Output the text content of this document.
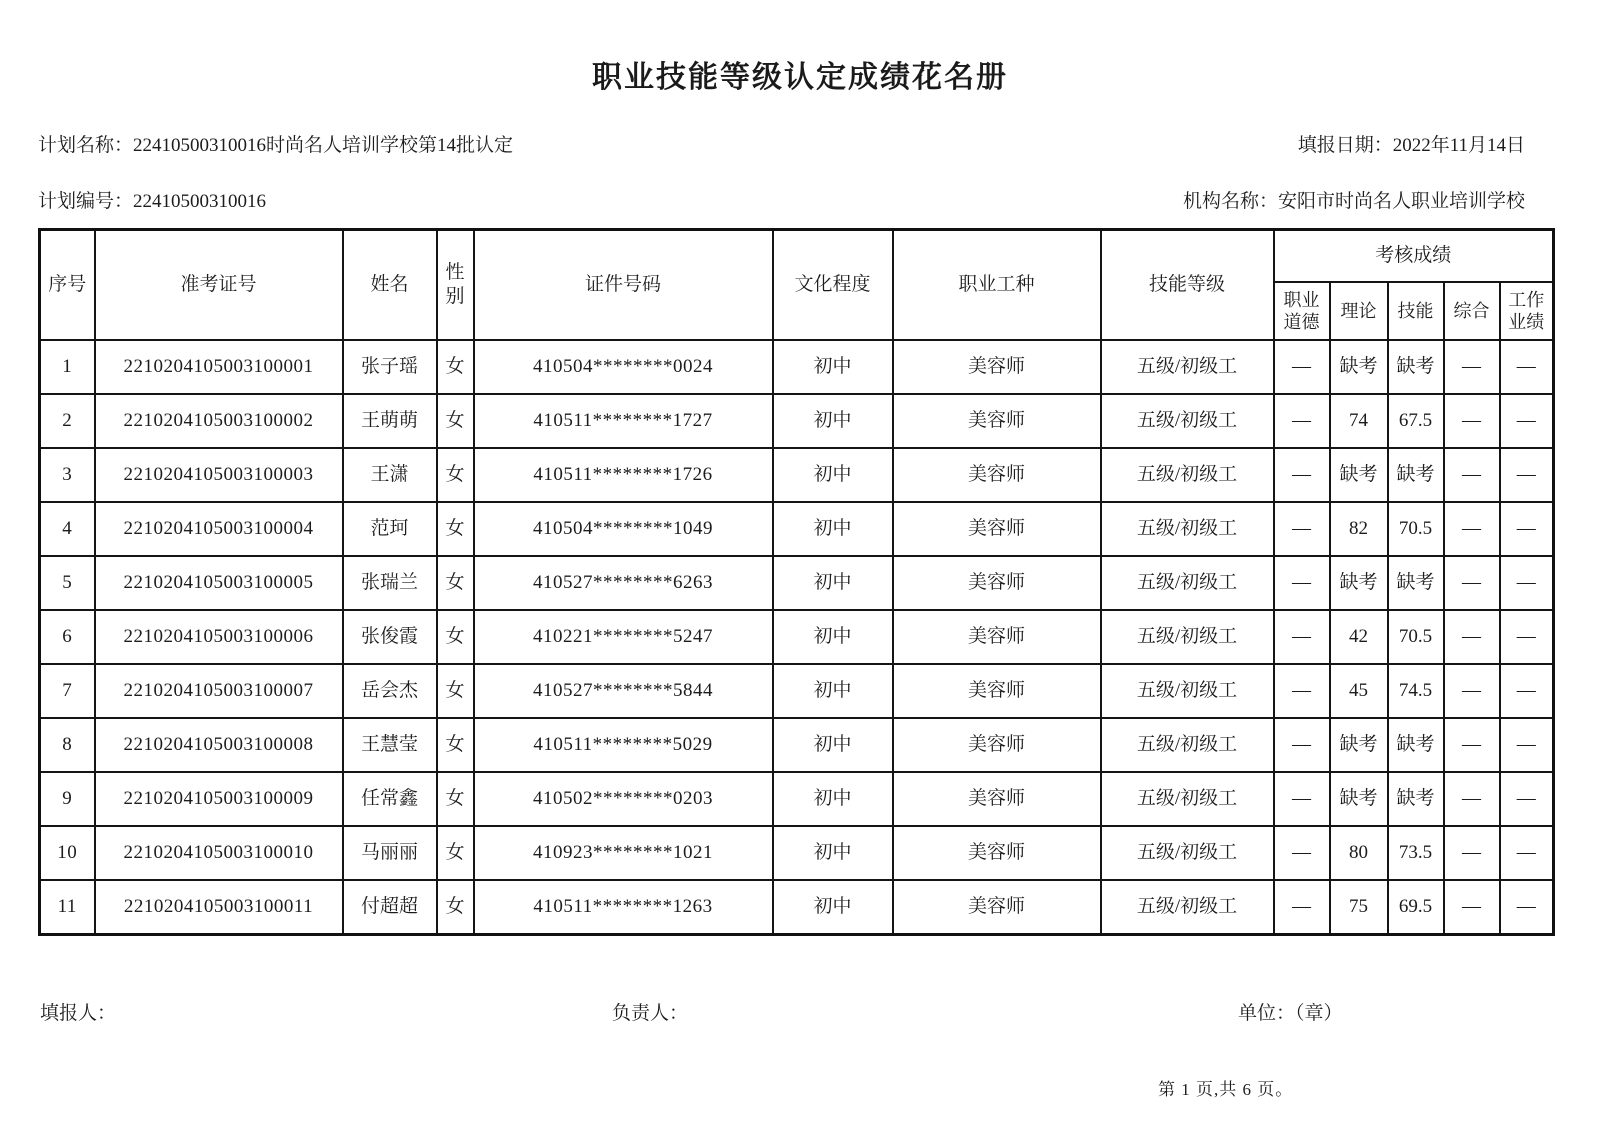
职业技能等级认定成绩花名册
计划名称：22410500310016时尚名人培训学校第14批认定	填报日期：2022年11月14日
计划编号：22410500310016	机构名称：安阳市时尚名人职业培训学校
序号	准考证号	姓名	性别	证件号码	文化程度	职业工种	技能等级	考核成绩				
								职业道德	理论	技能	综合	工作业绩
1	2210204105003100001	张子瑶	女	410504********0024	初中	美容师	五级/初级工	—	缺考	缺考	—	—
2	2210204105003100002	王萌萌	女	410511********1727	初中	美容师	五级/初级工	—	74	67.5	—	—
3	2210204105003100003	王潇	女	410511********1726	初中	美容师	五级/初级工	—	缺考	缺考	—	—
4	2210204105003100004	范珂	女	410504********1049	初中	美容师	五级/初级工	—	82	70.5	—	—
5	2210204105003100005	张瑞兰	女	410527********6263	初中	美容师	五级/初级工	—	缺考	缺考	—	—
6	2210204105003100006	张俊霞	女	410221********5247	初中	美容师	五级/初级工	—	42	70.5	—	—
7	2210204105003100007	岳会杰	女	410527********5844	初中	美容师	五级/初级工	—	45	74.5	—	—
8	2210204105003100008	王慧莹	女	410511********5029	初中	美容师	五级/初级工	—	缺考	缺考	—	—
9	2210204105003100009	任常鑫	女	410502********0203	初中	美容师	五级/初级工	—	缺考	缺考	—	—
10	2210204105003100010	马丽丽	女	410923********1021	初中	美容师	五级/初级工	—	80	73.5	—	—
11	2210204105003100011	付超超	女	410511********1263	初中	美容师	五级/初级工	—	75	69.5	—	—
填报人：	负责人：	单位：（章）
第 1 页,共 6 页。
